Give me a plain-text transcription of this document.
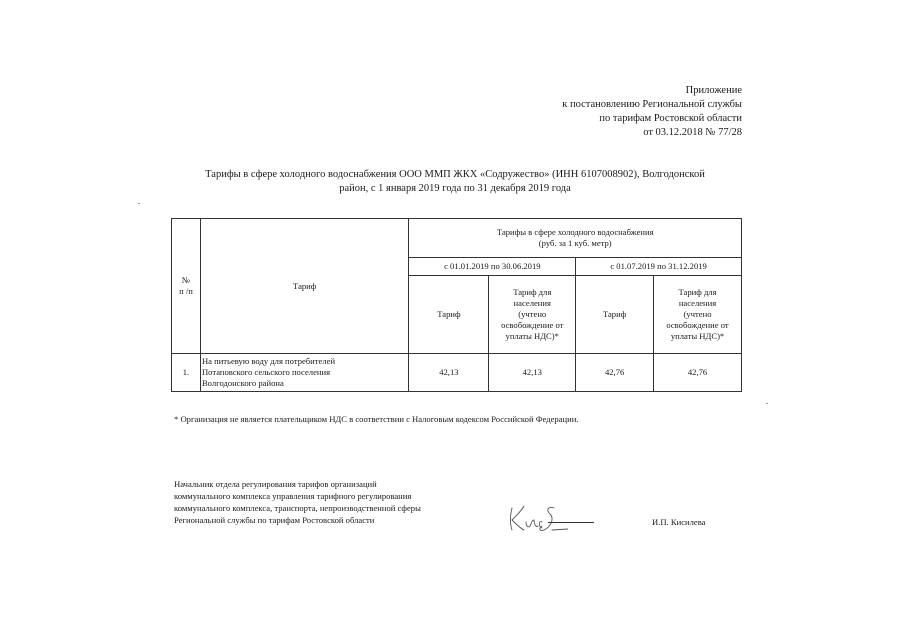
Приложение
к постановлению Региональной службы
по тарифам Ростовской области
от 03.12.2018 № 77/28
Тарифы в сфере холодного водоснабжения ООО ММП ЖКХ «Содружество» (ИНН 6107008902), Волгодонской
район, с 1 января 2019 года по 31 декабря 2019 года
№
п /п	Тариф	Тарифы в сфере холодного водоснабжения
(руб. за 1 куб. метр)			
		с 01.01.2019 по 30.06.2019		с 01.07.2019 по 31.12.2019	
		Тариф	Тариф для
населения
(учтено
освобождение от
уплаты НДС)*	Тариф	Тариф для
населения
(учтено
освобождение от
уплаты НДС)*
1.	На питьевую воду для потребителей
Потаповского сельского поселения
Волгодонского района	42,13	42,13	42,76	42,76
* Организация не является плательщиком НДС в соответствии с Налоговым кодексом Российской Федерации.
Начальник отдела регулирования тарифов организаций
коммунального комплекса управления тарифного регулирования
коммунального комплекса, транспорта, непроизводственной сферы
Региональной службы по тарифам Ростовской области	И.П. Кисилева
